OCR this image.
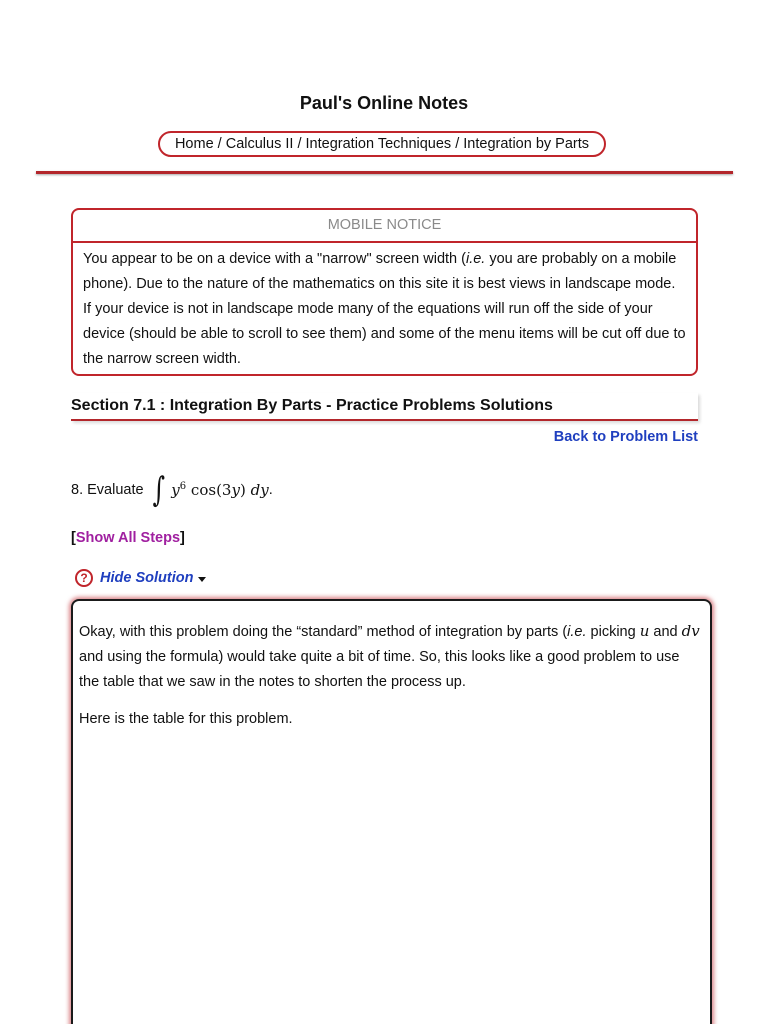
Paul's Online Notes
Home / Calculus II / Integration Techniques / Integration by Parts
MOBILE NOTICE
You appear to be on a device with a "narrow" screen width (i.e. you are probably on a mobile phone). Due to the nature of the mathematics on this site it is best views in landscape mode. If your device is not in landscape mode many of the equations will run off the side of your device (should be able to scroll to see them) and some of the menu items will be cut off due to the narrow screen width.
Section 7.1 : Integration By Parts - Practice Problems Solutions
Back to Problem List
8. Evaluate ∫ $y^6$ cos(3y) dy .
[Show All Steps]
? Hide Solution

Okay, with this problem doing the “standard” method of integration by parts (i.e. picking u and dv and using the formula) would take quite a bit of time. So, this looks like a good problem to use the table that we saw in the notes to shorten the process up.

Here is the table for this problem.
